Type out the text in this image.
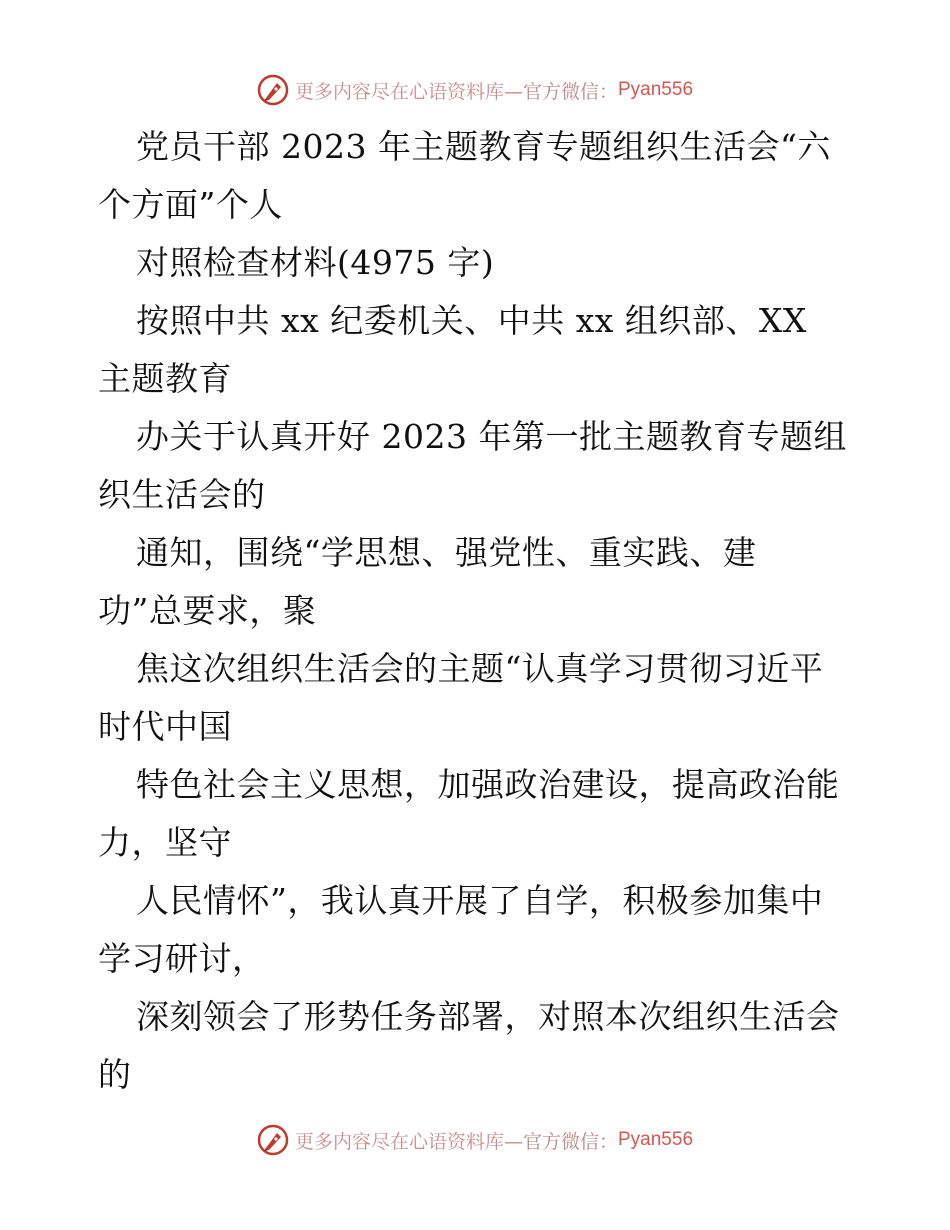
更多内容尽在心语资料库— 官方微信： Pyan556
党员干部 2023 年主题教育专题组织生活会“六
个方面”个人
对照检查材料(4975 字)
按照中共 xx 纪委机关、中共 xx 组织部、XX
主题教育
办关于认真开好 2023 年第一批主题教育专题组
织生活会的
通知，围绕“学思想、强党性、重实践、建
功”总要求，聚
焦这次组织生活会的主题“认真学习贯彻习近平
时代中国
特色社会主义思想，加强政治建设，提高政治能
力，坚守
人民情怀”，我认真开展了自学，积极参加集中
学习研讨，
深刻领会了形势任务部署，对照本次组织生活会
的
更多内容尽在心语资料库— 官方微信： Pyan556
